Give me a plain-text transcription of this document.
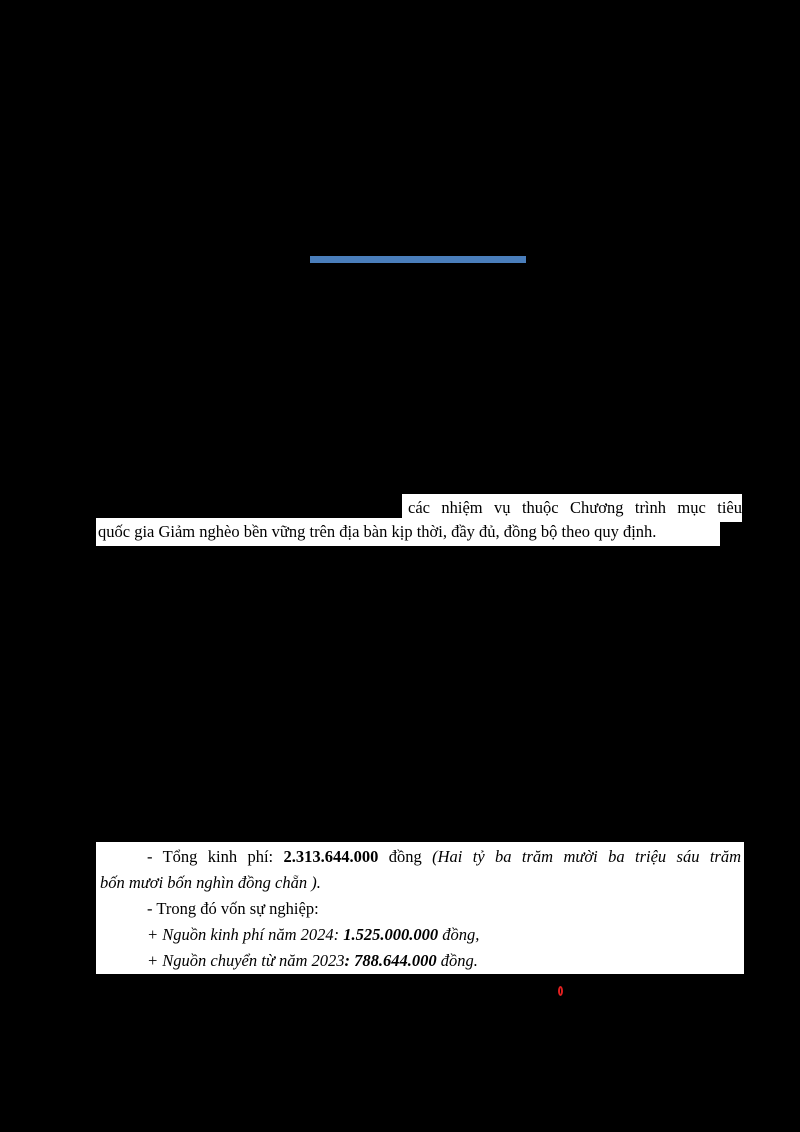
các nhiệm vụ thuộc Chương trình mục tiêu
quốc gia Giảm nghèo bền vững trên địa bàn kịp thời, đầy đủ, đồng bộ theo quy định.
- Tổng kinh phí: 2.313.644.000 đồng (Hai tỷ ba trăm mười ba triệu sáu trăm
bốn mươi bốn nghìn đồng chẵn ).
- Trong đó vốn sự nghiệp:
+ Nguồn kinh phí năm 2024: 1.525.000.000 đồng,
+ Nguồn chuyển từ năm 2023: 788.644.000 đồng.
